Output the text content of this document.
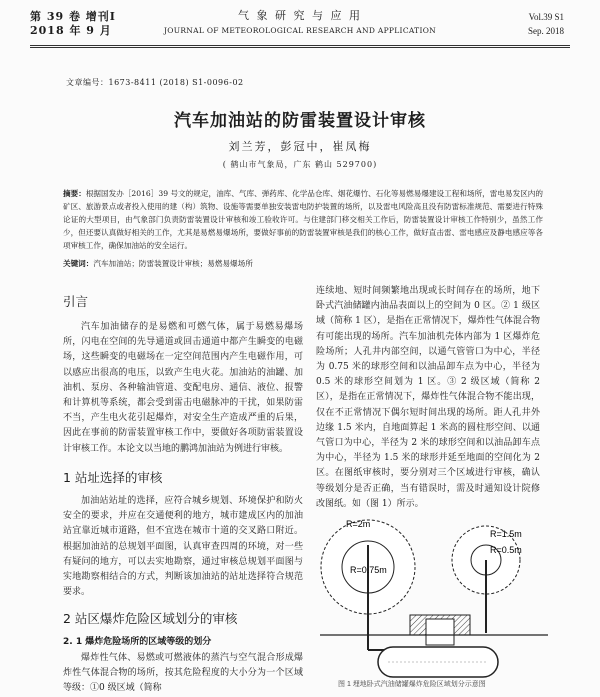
第 39 卷 增刊Ⅰ
2018 年 9 月
气 象 研 究 与 应 用
JOURNAL OF METEOROLOGICAL RESEARCH AND APPLICATION
Vol.39 S1
Sep. 2018
文章编号：1673-8411 (2018) S1-0096-02
汽车加油站的防雷装置设计审核
刘兰芳，彭冠中，崔凤梅
( 鹤山市气象局，广东 鹤山 529700)
摘要：根据国发办［2016］39 号文的规定，油库、气库、弹药库、化学品仓库、烟花爆竹、石化等易燃易爆建设工程和场所，雷电易发区内的矿区、旅游景点或者投入使用的建（构）筑物、设施等需要单独安装雷电防护装置的场所，以及雷电风险高且没有防雷标准规范、需要进行特殊论证的大型项目，由气象部门负责防雷装置设计审核和竣工验收许可。与住建部门移交相关工作后，防雷装置设计审核工作特别少，虽然工作少，但还要认真做好相关的工作，尤其是易燃易爆场所，要做好事前的防雷装置审核是我们的核心工作，做好直击雷、雷电感应及静电感应等各项审核工作，确保加油站的安全运行。
关键词：汽车加油站；防雷装置设计审核；易燃易爆场所
引言

汽车加油储存的是易燃和可燃气体，属于易燃易爆场所，闪电在空间的先导通道或回击通道中都产生瞬变的电磁场，这些瞬变的电磁场在一定空间范围内产生电磁作用，可以感应出很高的电压，以致产生电火花。加油站的油罐、加油机、泵房、各种输油管道、变配电房、通信、液位、报警和计算机等系统，都会受到雷击电磁脉冲的干扰，如果防雷不当，产生电火花引起爆炸，对安全生产造成严重的后果，因此在事前的防雷装置审核工作中，要做好各项防雷装置设计审核工作。本论文以当地的鹏鸿加油站为例进行审核。

1 站址选择的审核

加油站站址的选择，应符合城乡规划、环境保护和防火安全的要求，并应在交通便利的地方，城市建成区内的加油站宜靠近城市道路，但不宜选在城市十道的交叉路口附近。根据加油站的总规划平面图，认真审查四周的环境，对一些有疑问的地方，可以去实地勘察，通过审核总规划平面图与实地勘察相结合的方式，判断该加油站的站址选择符合规范要求。

2 站区爆炸危险区域划分的审核
2. 1 爆炸危险场所的区域等级的划分

爆炸性气体、易燃或可燃液体的蒸汽与空气混合形成爆炸性气体混合物的场所，按其危险程度的大小分为一个区域等级：①0 级区域（简称

连续地、短时间频繁地出现或长时间存在的场所，地下卧式汽油储罐内油品表面以上的空间为 0 区。② 1 级区域（简称 1 区），是指在正常情况下，爆炸性气体混合物有可能出现的场所。汽车加油机壳体内部为 1 区爆炸危险场所；人孔井内部空间，以通气管管口为中心，半径为 0.75 米的球形空间和以油品卸车点为中心，半径为 0.5 米的球形空间划为 1 区。③ 2 级区域（简称 2 区），是指在正常情况下，爆炸性气体混合物不能出现，仅在不正常情况下偶尔短时间出现的场所。距人孔井外边缘 1.5 米内，自地面算起 1 米高的圆柱形空间、以通气管口为中心，半径为 2 米的球形空间和以油品卸车点为中心，半径为 1.5 米的球形并延至地面的空间化为 2 区。在图纸审核时，要分别对三个区域进行审核，确认等级划分是否正确，当有错误时，需及时通知设计院修改图纸。如（图 1）所示。

R=2m
R=0.75m
R=1.5m
R=0.5m
图 1 埋地卧式汽油储罐爆炸危险区域划分示意图
